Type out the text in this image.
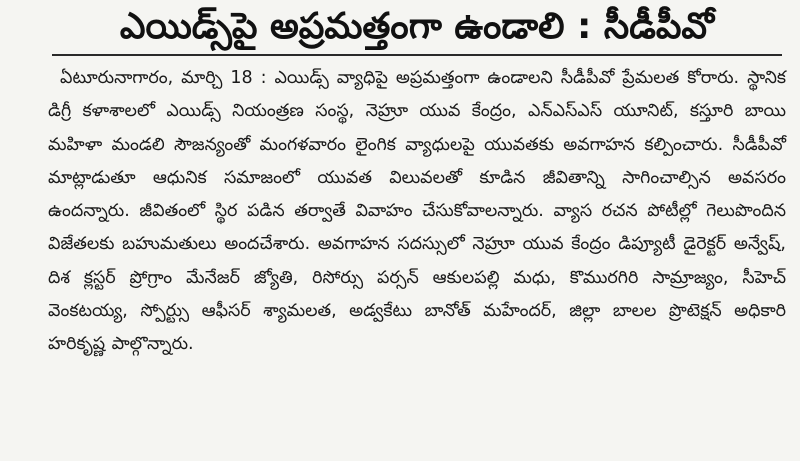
ఎయిడ్స్‌పై అప్రమత్తంగా ఉండాలి : సీడీపీవో

ఏటూరునాగారం, మార్చి 18 : ఎయిడ్స్ వ్యాధిపై అప్రమత్తంగా ఉండాలని సీడీపీవో ప్రేమలత కోరారు. స్థానిక డిగ్రీ కళాశాలలో ఎయిడ్స్ నియంత్రణ సంస్థ, నెహ్రూ యువ కేంద్రం, ఎన్ఎస్ఎస్ యూనిట్, కస్తూరి బాయి మహిళా మండలి సౌజన్యంతో మంగళవారం లైంగిక వ్యాధులపై యువతకు అవగాహన కల్పించారు. సీడీపీవో మాట్లాడుతూ ఆధునిక సమాజంలో యువత విలువలతో కూడిన జీవితాన్ని సాగించాల్సిన అవసరం ఉందన్నారు. జీవితంలో స్థిర పడిన తర్వాతే వివాహం చేసుకోవాలన్నారు. వ్యాస రచన పోటీల్లో గెలుపొందిన విజేతలకు బహుమతులు అందచేశారు. అవగాహన సదస్సులో నెహ్రూ యువ కేంద్రం డిప్యూటీ డైరెక్టర్ అన్వేష్, దిశ క్లస్టర్ ప్రోగ్రాం మేనేజర్ జ్యోతి, రిసోర్సు పర్సన్ ఆకులపల్లి మధు, కొమురగిరి సామ్రాజ్యం, సీహెచ్ వెంకటయ్య, స్పోర్ట్సు ఆఫీసర్ శ్యామలత, అడ్వకేటు బానోత్ మహేందర్, జిల్లా బాలల ప్రొటెక్షన్ అధికారి హరికృష్ణ పాల్గొన్నారు.
